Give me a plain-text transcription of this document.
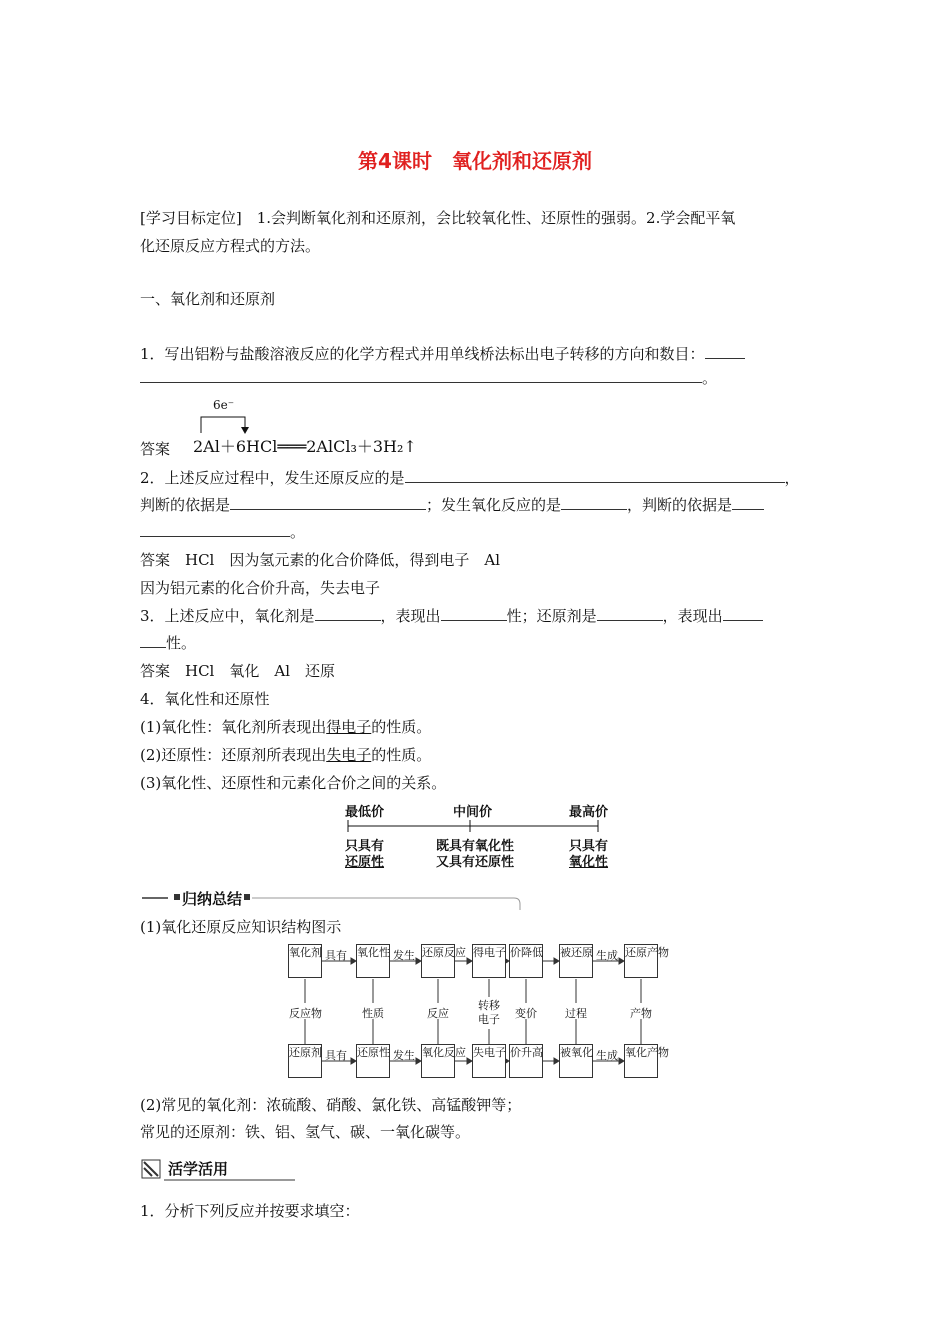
第4课时　氧化剂和还原剂
[学习目标定位]　1.会判断氧化剂和还原剂，会比较氧化性、还原性的强弱。2.学会配平氧
化还原反应方程式的方法。
一、氧化剂和还原剂
1．写出铝粉与盐酸溶液反应的化学方程式并用单线桥法标出电子转移的方向和数目：
。
答案
6e⁻
2Al＋6HCl═══2AlCl₃＋3H₂↑
2．上述反应过程中，发生还原反应的是	，
判断的依据是	；发生氧化反应的是	，判断的依据是
。
答案　HCl　因为氢元素的化合价降低，得到电子　Al
因为铝元素的化合价升高，失去电子
3．上述反应中，氧化剂是	，表现出	性；还原剂是	，表现出
性。
答案　HCl　氧化　Al　还原
4．氧化性和还原性
(1)氧化性：氧化剂所表现出得电子的性质。
(2)还原性：还原剂所表现出失电子的性质。
(3)氧化性、还原性和元素化合价之间的关系。
最低价	中间价	最高价
只具有
还原性
既具有氧化性
又具有还原性
只具有
氧化性
归纳总结
(1)氧化还原反应知识结构图示
氧化剂	氧化性	还原反应 得电子 价降低 被还原	还原产物
具有	发生	生成
反应物	性质	反应
转移电子 变价	过程	产物
还原剂	还原性	氧化反应 失电子 价升高 被氧化	氧化产物
具有	发生	生成
(2)常见的氧化剂：浓硫酸、硝酸、氯化铁、高锰酸钾等；
常见的还原剂：铁、铝、氢气、碳、一氧化碳等。
活学活用
1．分析下列反应并按要求填空：
